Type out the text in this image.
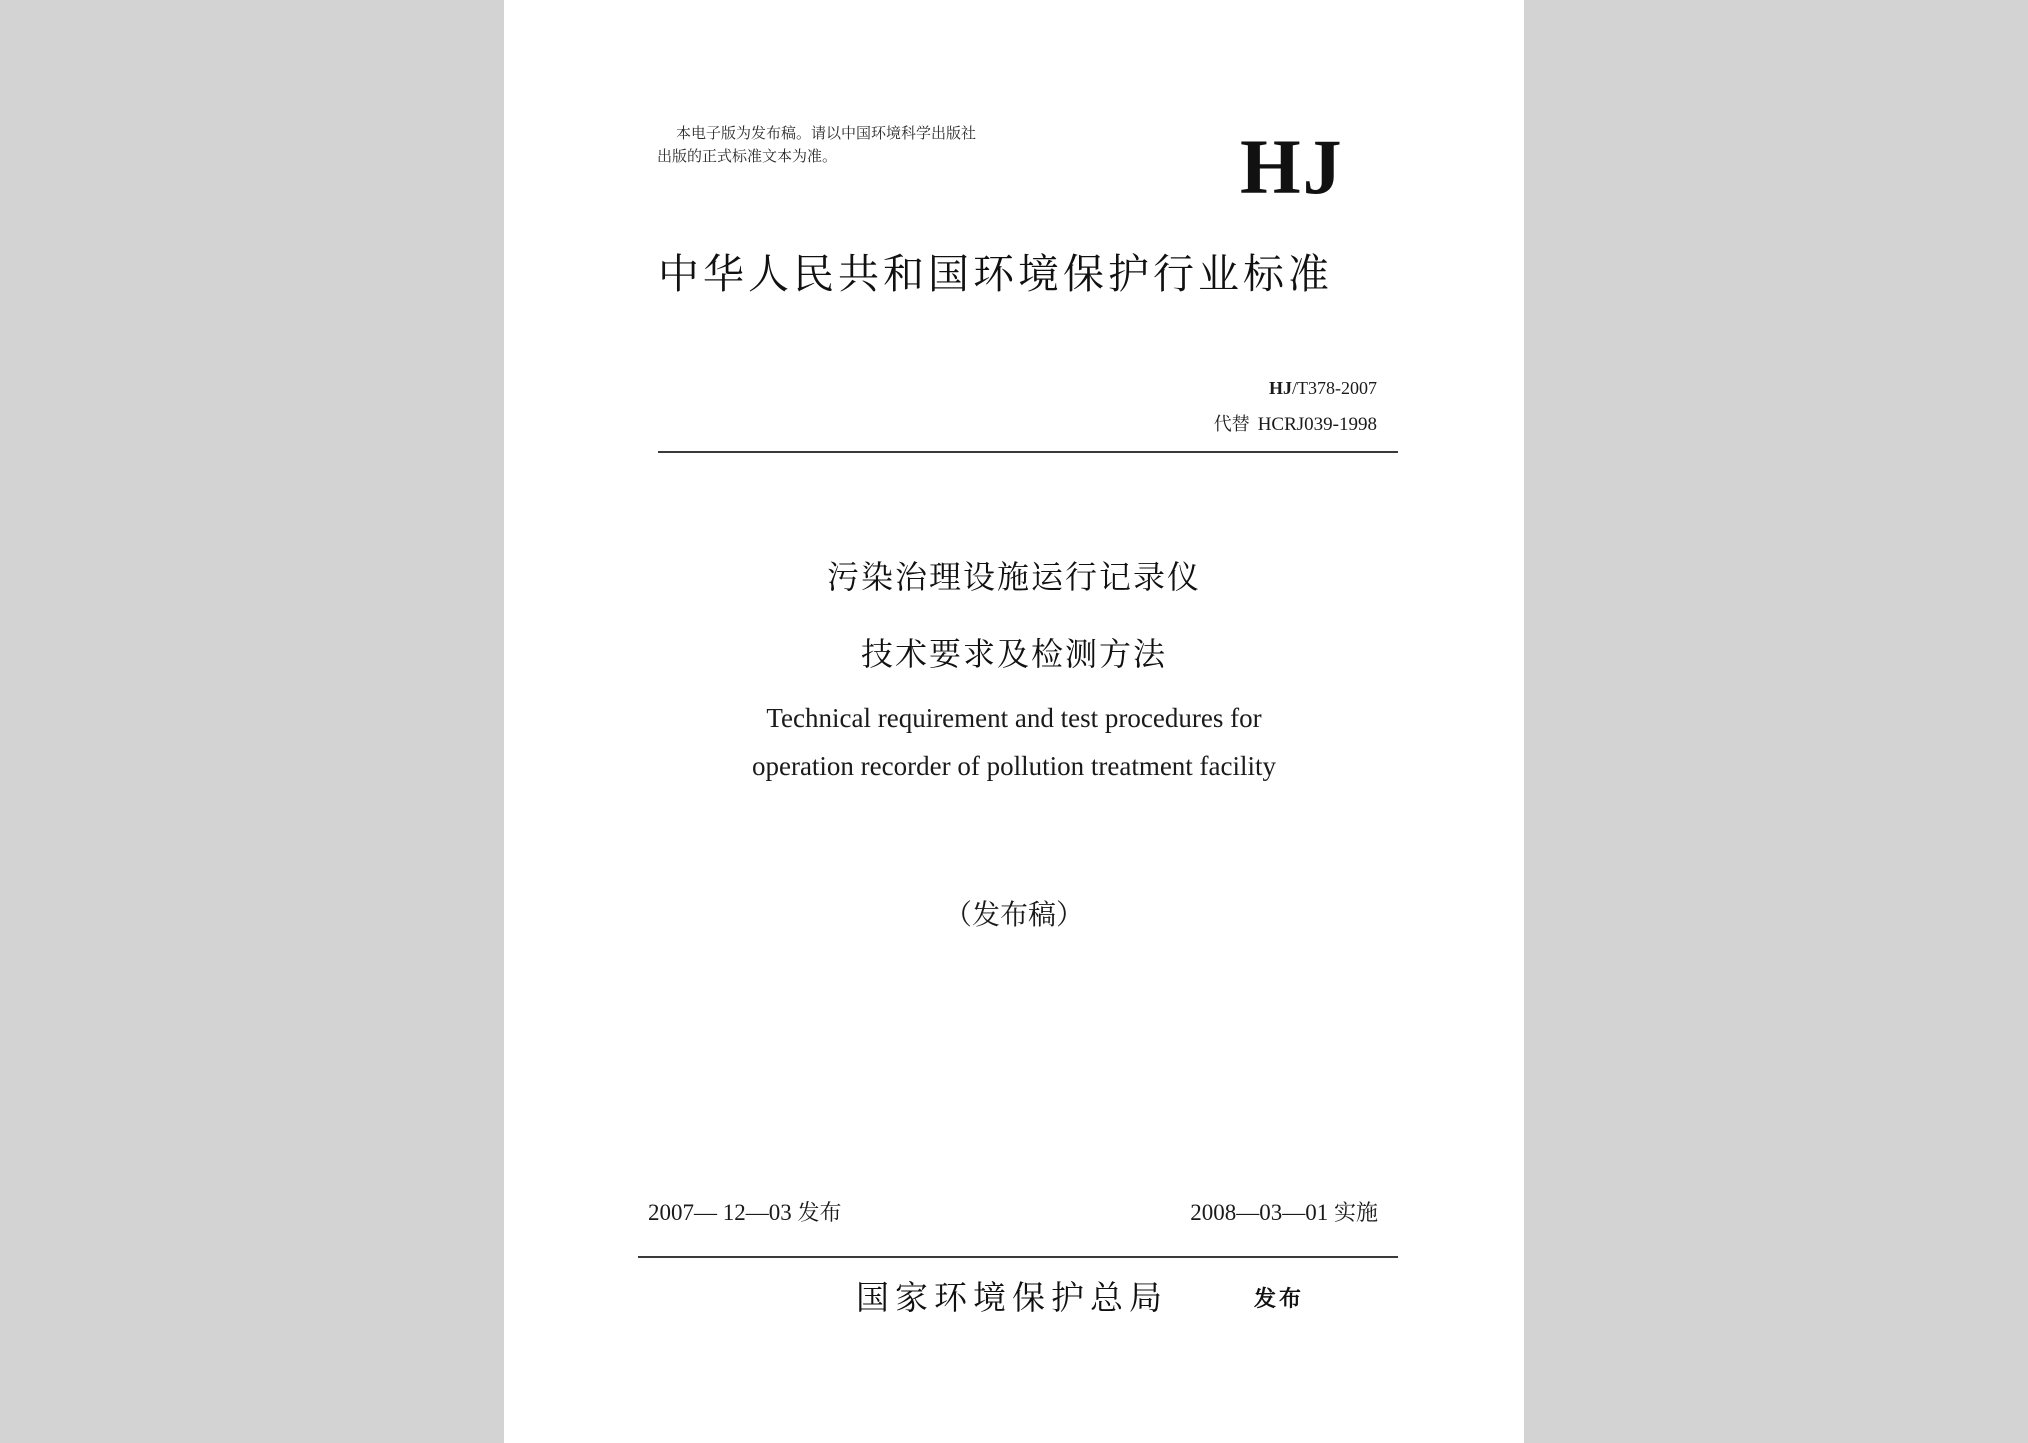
本电子版为发布稿。请以中国环境科学出版社
出版的正式标准文本为准。	HJ
中华人民共和国环境保护行业标准
HJ/T378-2007
代替 HCRJ039-1998
污染治理设施运行记录仪
技术要求及检测方法
Technical requirement and test procedures for
operation recorder of pollution treatment facility
（发布稿）
2007— 12—03 发布	2008—03—01 实施
国家环境保护总局	发布
